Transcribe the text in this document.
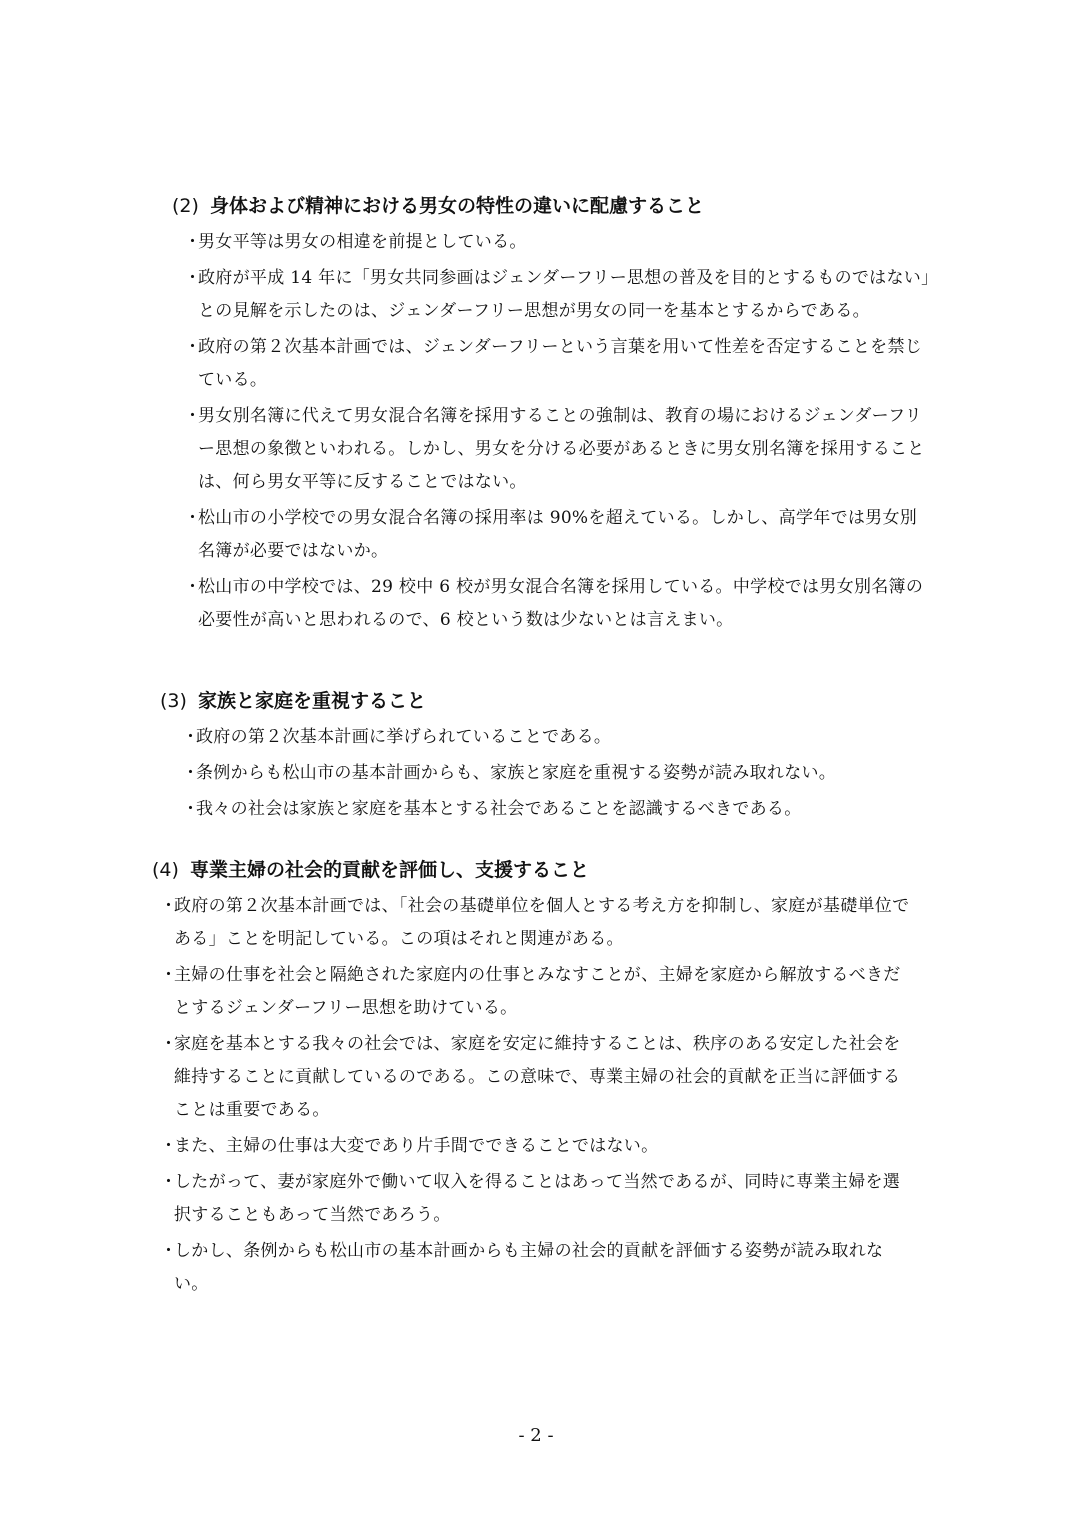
(2) 身体および精神における男女の特性の違いに配慮すること
・
男女平等は男女の相違を前提としている。
・
政府が平成 14 年に「男女共同参画はジェンダーフリー思想の普及を目的とするものではない」との見解を示したのは、ジェンダーフリー思想が男女の同一を基本とするからである。
・
政府の第２次基本計画では、ジェンダーフリーという言葉を用いて性差を否定することを禁じている。
・
男女別名簿に代えて男女混合名簿を採用することの強制は、教育の場におけるジェンダーフリー思想の象徴といわれる。しかし、男女を分ける必要があるときに男女別名簿を採用することは、何ら男女平等に反することではない。
・
松山市の小学校での男女混合名簿の採用率は 90%を超えている。しかし、高学年では男女別名簿が必要ではないか。
・
松山市の中学校では、29 校中 6 校が男女混合名簿を採用している。中学校では男女別名簿の必要性が高いと思われるので、6 校という数は少ないとは言えまい。
(3) 家族と家庭を重視すること
・
政府の第２次基本計画に挙げられていることである。
・
条例からも松山市の基本計画からも、家族と家庭を重視する姿勢が読み取れない。
・
我々の社会は家族と家庭を基本とする社会であることを認識するべきである。
(4) 専業主婦の社会的貢献を評価し、支援すること
・
政府の第２次基本計画では、「社会の基礎単位を個人とする考え方を抑制し、家庭が基礎単位である」ことを明記している。この項はそれと関連がある。
・
主婦の仕事を社会と隔絶された家庭内の仕事とみなすことが、主婦を家庭から解放するべきだとするジェンダーフリー思想を助けている。
・
家庭を基本とする我々の社会では、家庭を安定に維持することは、秩序のある安定した社会を維持することに貢献しているのである。この意味で、専業主婦の社会的貢献を正当に評価することは重要である。
・
また、主婦の仕事は大変であり片手間でできることではない。
・
したがって、妻が家庭外で働いて収入を得ることはあって当然であるが、同時に専業主婦を選択することもあって当然であろう。
・
しかし、条例からも松山市の基本計画からも主婦の社会的貢献を評価する姿勢が読み取れない。
- 2 -
